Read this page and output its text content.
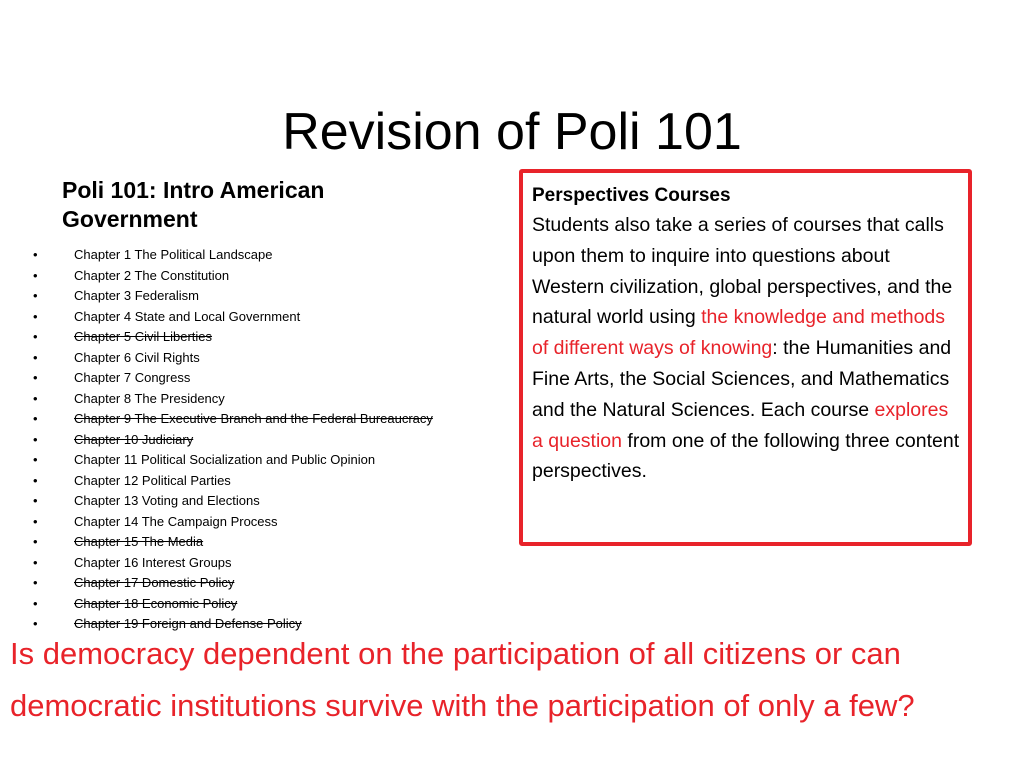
Revision of Poli 101
Poli 101: Intro American Government
•	Chapter 1 The Political Landscape
•	Chapter 2 The Constitution
•	Chapter 3 Federalism
•	Chapter 4 State and Local Government
•	Chapter 5 Civil Liberties
•	Chapter 6 Civil Rights
•	Chapter 7 Congress
•	Chapter 8 The Presidency
•	Chapter 9 The Executive Branch and the Federal Bureaucracy
•	Chapter 10 Judiciary
•	Chapter 11 Political Socialization and Public Opinion
•	Chapter 12 Political Parties
•	Chapter 13 Voting and Elections
•	Chapter 14 The Campaign Process
•	Chapter 15 The Media
•	Chapter 16 Interest Groups
•	Chapter 17 Domestic Policy
•	Chapter 18 Economic Policy
•	Chapter 19 Foreign and Defense Policy
Perspectives Courses

Students also take a series of courses that calls upon them to inquire into questions about Western civilization, global perspectives, and the natural world using the knowledge and methods of different ways of knowing: the Humanities and Fine Arts, the Social Sciences, and Mathematics and the Natural Sciences. Each course explores a question from one of the following three content perspectives.

Is democracy dependent on the participation of all citizens or can democratic institutions survive with the participation of only a few?
